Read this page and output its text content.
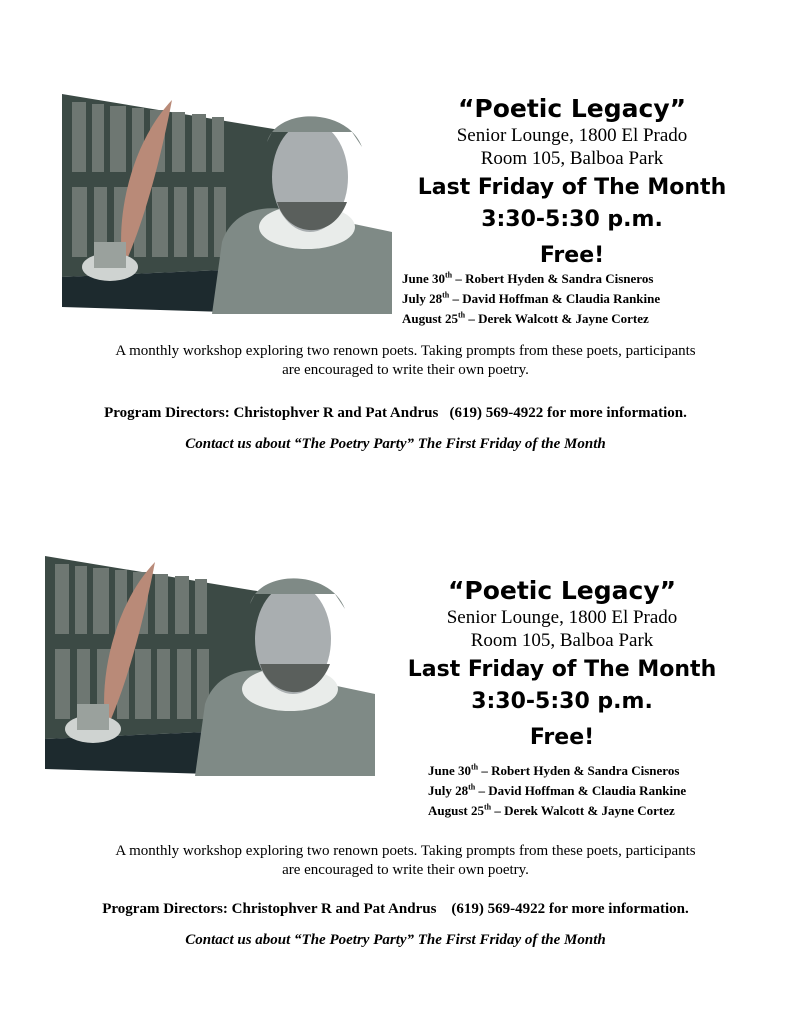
“Poetic Legacy”

Senior Lounge, 1800 El Prado

Room 105, Balboa Park

Last Friday of The Month

3:30-5:30 p.m.

Free!

June 30th – Robert Hyden & Sandra Cisneros
July 28th – David Hoffman & Claudia Rankine
August 25th – Derek Walcott & Jayne Cortez
A monthly workshop exploring two renown poets. Taking prompts from these poets, participants
are encouraged to write their own poetry.
Program Directors: Christophver R and Pat Andrus   (619) 569-4922 for more information.
Contact us about “The Poetry Party” The First Friday of the Month

“Poetic Legacy”

Senior Lounge, 1800 El Prado

Room 105, Balboa Park

Last Friday of The Month

3:30-5:30 p.m.

Free!

June 30th – Robert Hyden & Sandra Cisneros
July 28th – David Hoffman & Claudia Rankine
August 25th – Derek Walcott & Jayne Cortez
A monthly workshop exploring two renown poets. Taking prompts from these poets, participants
are encouraged to write their own poetry.
Program Directors: Christophver R and Pat Andrus    (619) 569-4922 for more information.
Contact us about “The Poetry Party” The First Friday of the Month
